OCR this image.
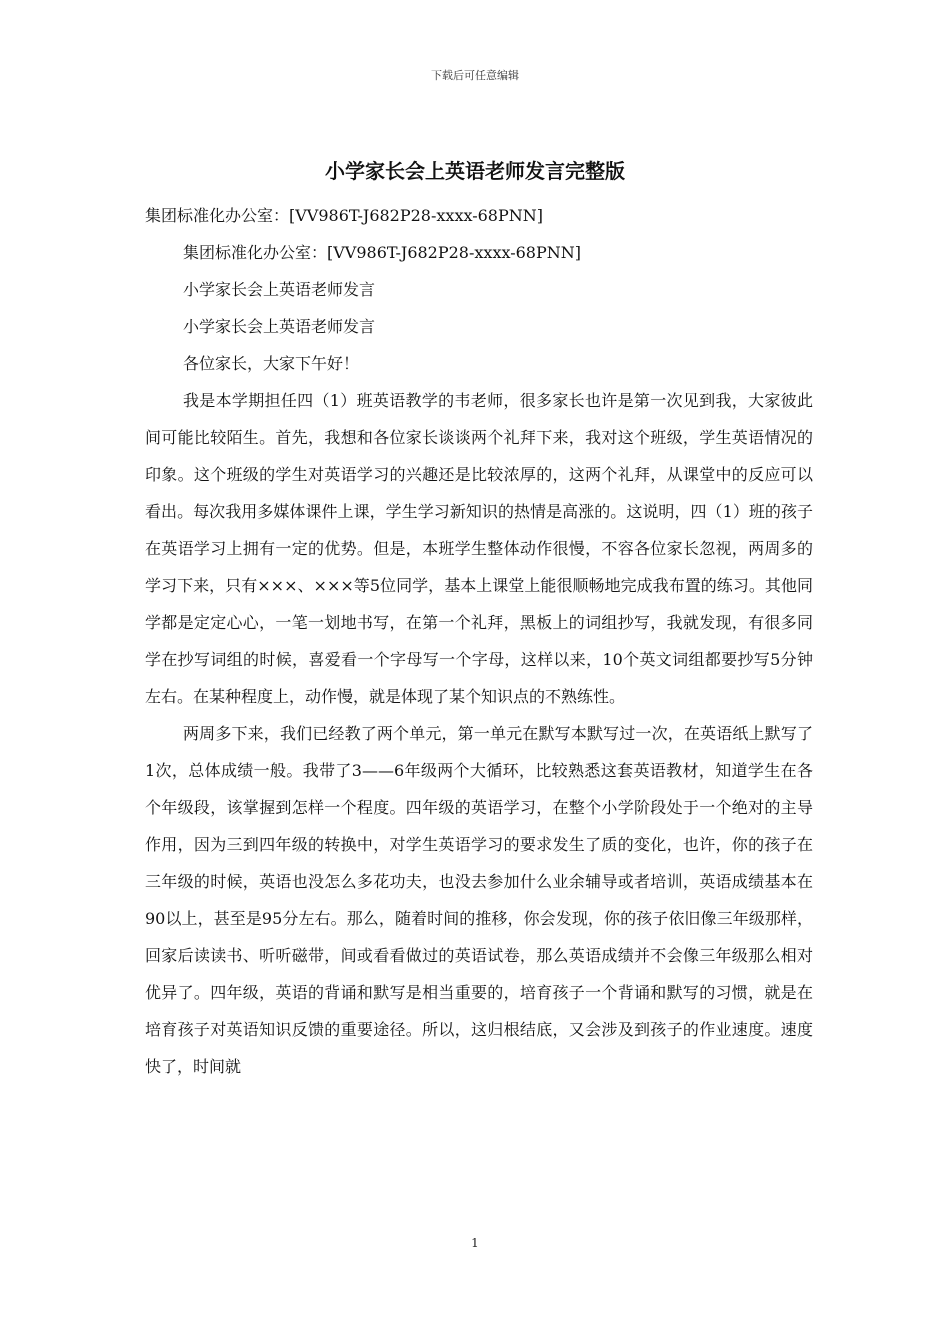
下载后可任意编辑
小学家长会上英语老师发言完整版

集团标准化办公室：[VV986T-J682P28-xxxx-68PNN]

集团标准化办公室：[VV986T-J682P28-xxxx-68PNN]

小学家长会上英语老师发言

小学家长会上英语老师发言

各位家长，大家下午好！

我是本学期担任四（1）班英语教学的韦老师，很多家长也许是第一次见到我，大家彼此间可能比较陌生。首先，我想和各位家长谈谈两个礼拜下来，我对这个班级，学生英语情况的印象。这个班级的学生对英语学习的兴趣还是比较浓厚的，这两个礼拜，从课堂中的反应可以看出。每次我用多媒体课件上课，学生学习新知识的热情是高涨的。这说明，四（1）班的孩子在英语学习上拥有一定的优势。但是，本班学生整体动作很慢，不容各位家长忽视，两周多的学习下来，只有×××、×××等5位同学，基本上课堂上能很顺畅地完成我布置的练习。其他同学都是定定心心，一笔一划地书写，在第一个礼拜，黑板上的词组抄写，我就发现，有很多同学在抄写词组的时候，喜爱看一个字母写一个字母，这样以来，10个英文词组都要抄写5分钟左右。在某种程度上，动作慢，就是体现了某个知识点的不熟练性。

两周多下来，我们已经教了两个单元，第一单元在默写本默写过一次，在英语纸上默写了1次，总体成绩一般。我带了3——6年级两个大循环，比较熟悉这套英语教材，知道学生在各个年级段，该掌握到怎样一个程度。四年级的英语学习，在整个小学阶段处于一个绝对的主导作用，因为三到四年级的转换中，对学生英语学习的要求发生了质的变化，也许，你的孩子在三年级的时候，英语也没怎么多花功夫，也没去参加什么业余辅导或者培训，英语成绩基本在90以上，甚至是95分左右。那么，随着时间的推移，你会发现，你的孩子依旧像三年级那样，回家后读读书、听听磁带，间或看看做过的英语试卷，那么英语成绩并不会像三年级那么相对优异了。四年级，英语的背诵和默写是相当重要的，培育孩子一个背诵和默写的习惯，就是在培育孩子对英语知识反馈的重要途径。所以，这归根结底，又会涉及到孩子的作业速度。速度快了，时间就

1
